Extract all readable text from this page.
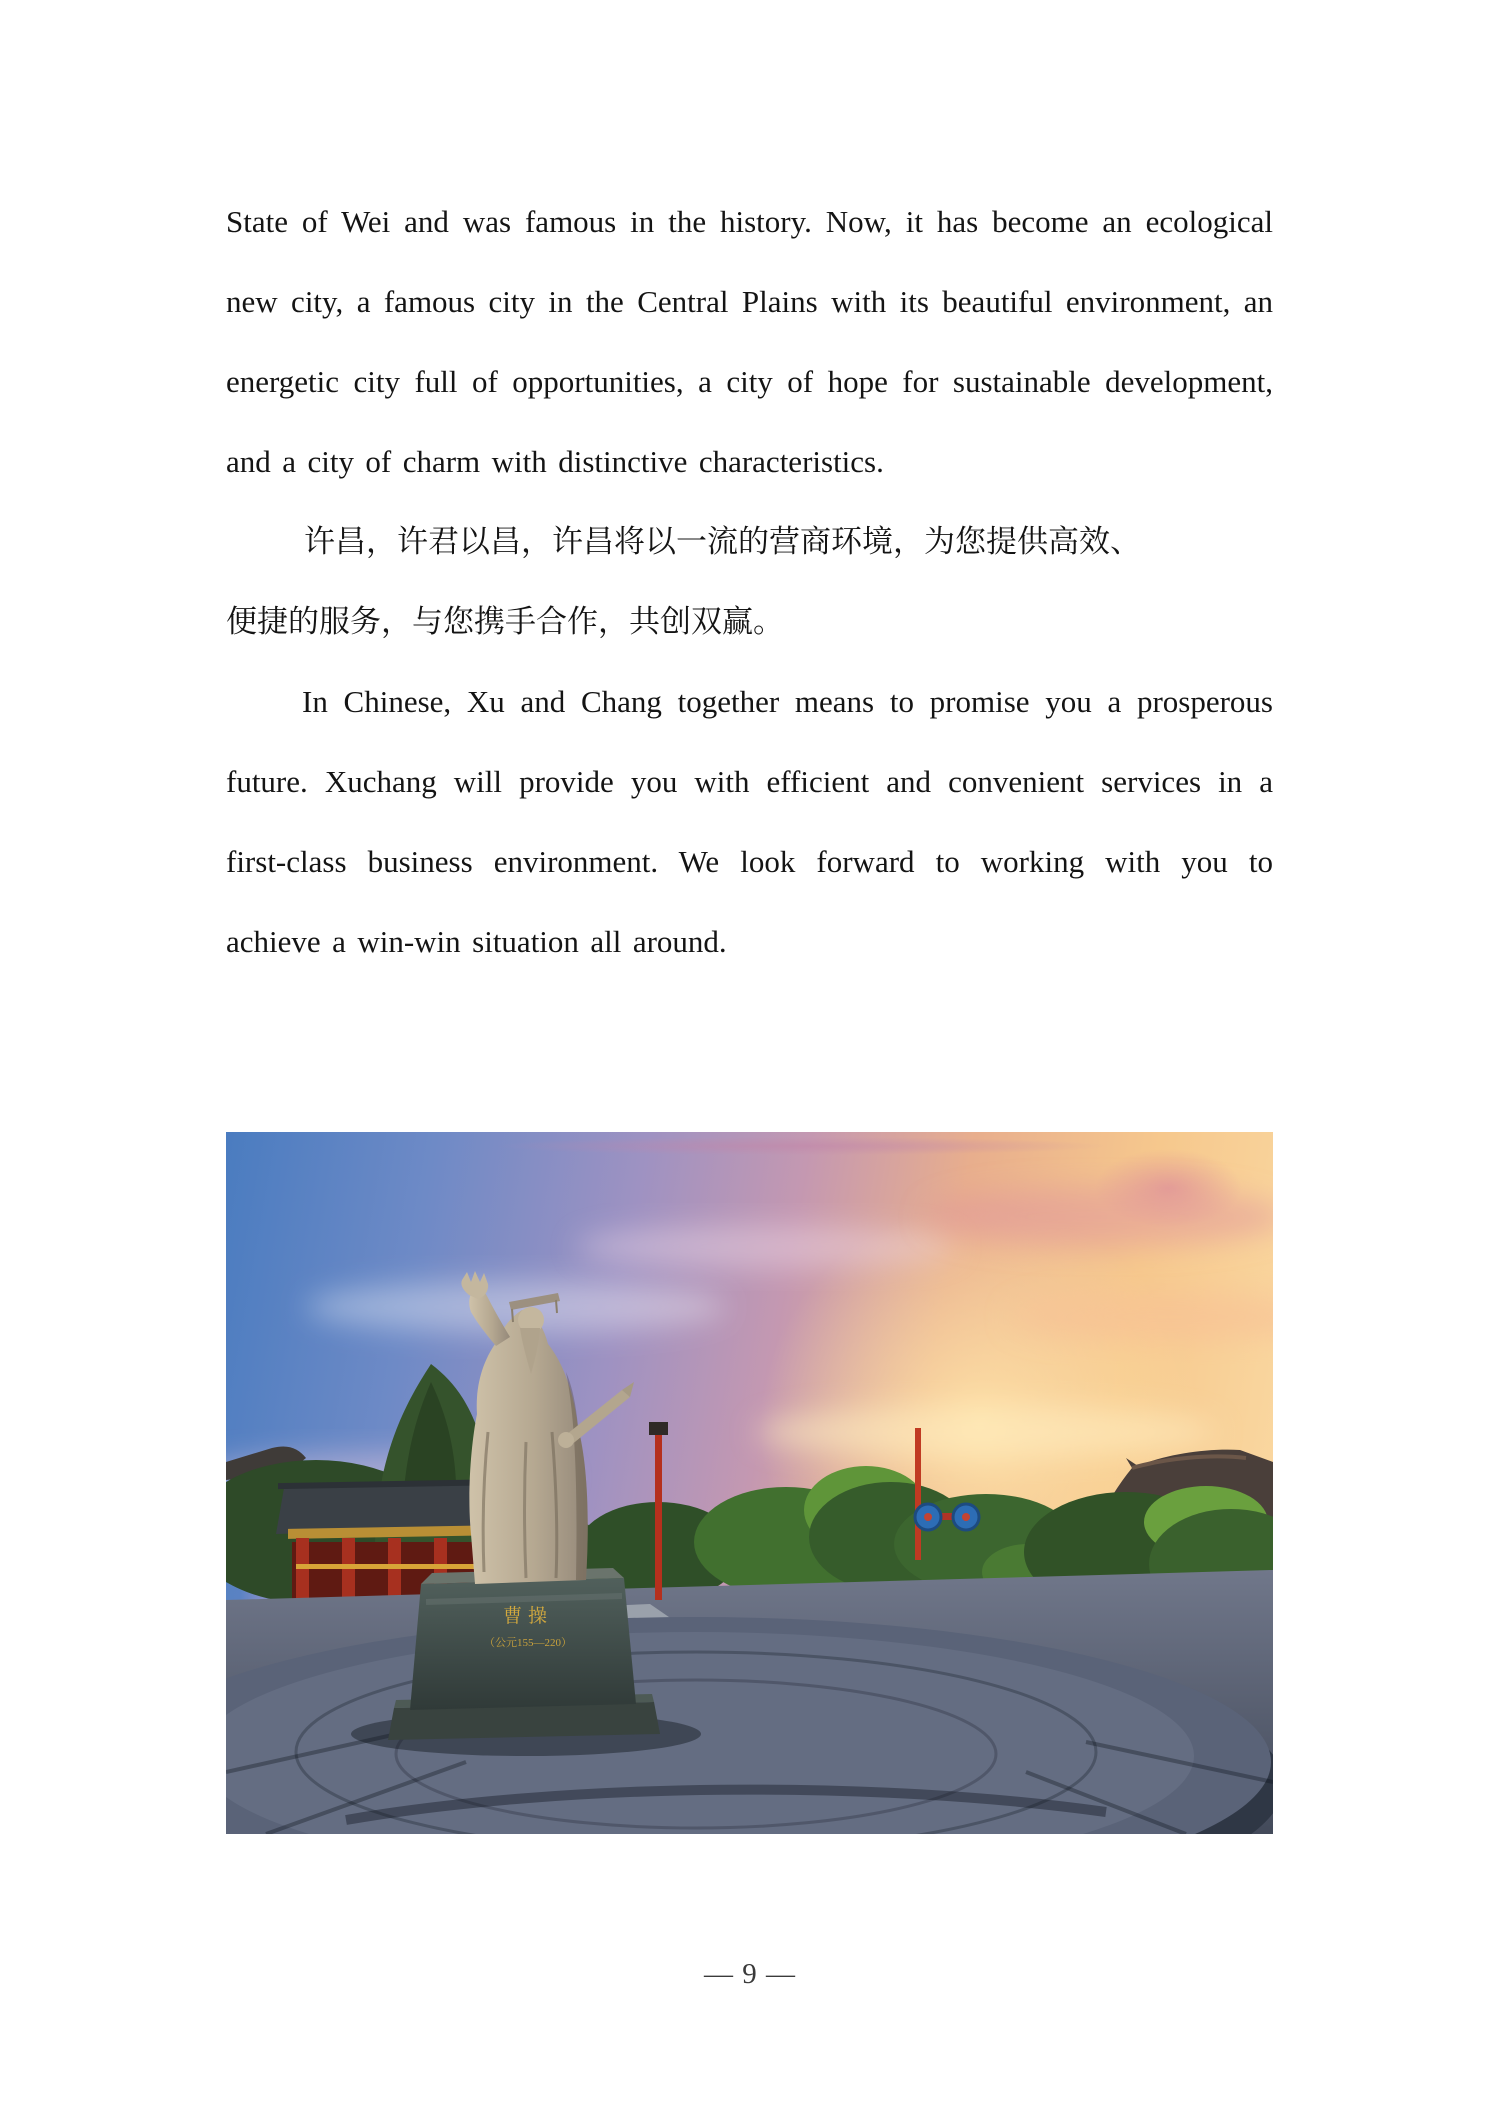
State of Wei and was famous in the history. Now, it has become an ecological new city, a famous city in the Central Plains with its beautiful environment, an energetic city full of opportunities, a city of hope for sustainable development, and a city of charm with distinctive characteristics.

许昌，许君以昌，许昌将以一流的营商环境，为您提供高效、

便捷的服务，与您携手合作，共创双赢。

In Chinese, Xu and Chang together means to promise you a prosperous future. Xuchang will provide you with efficient and convenient services in a first-class business environment. We look forward to working with you to achieve a win-win situation all around.

曹操
（公元155—220）
— 9 —
